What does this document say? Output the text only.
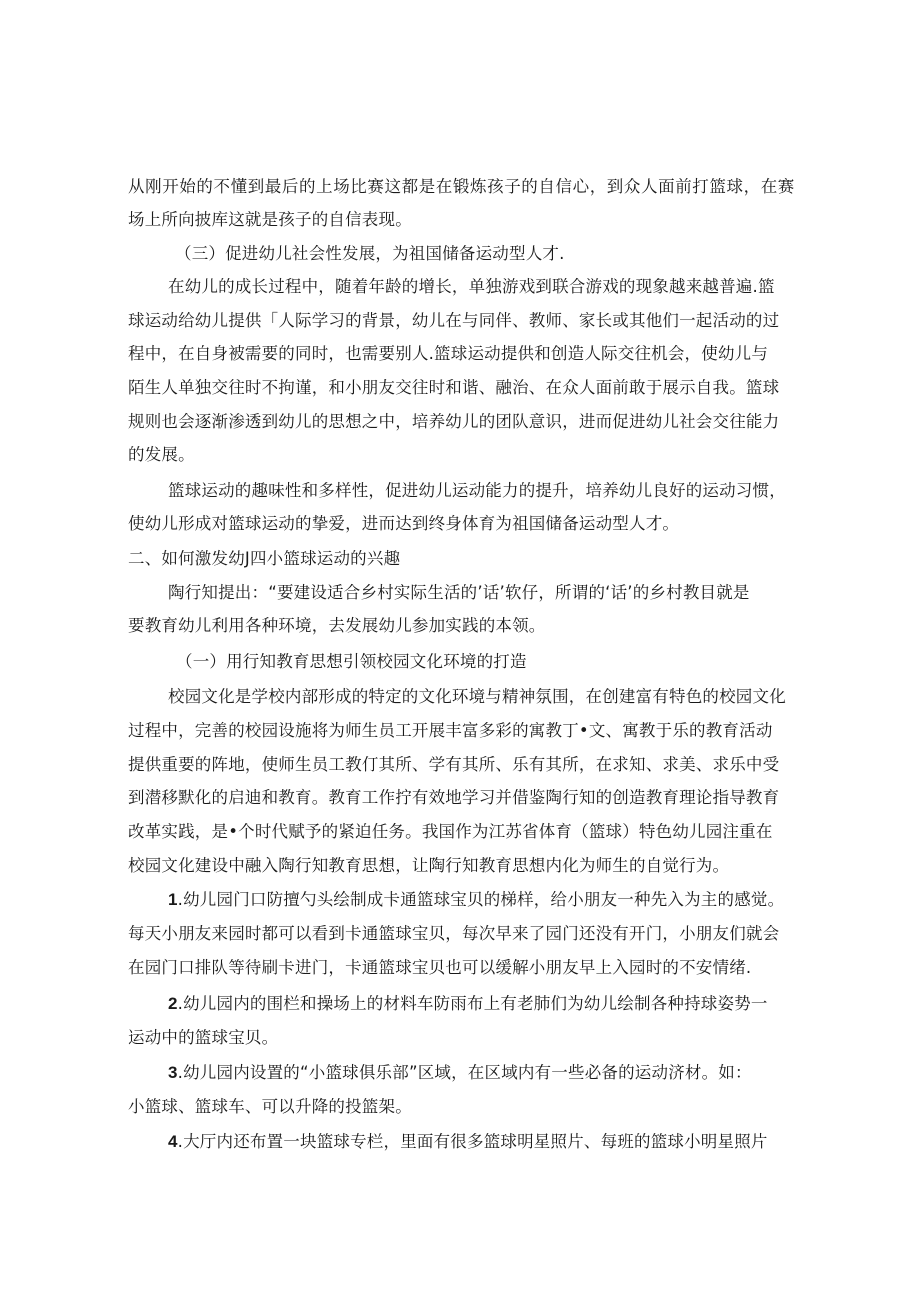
从刚开始的不懂到最后的上场比赛这都是在锻炼孩子的自信心，到众人面前打篮球，在赛
场上所向披库这就是孩子的自信表现。
（三）促进幼儿社会性发展，为祖国储备运动型人才.
在幼儿的成长过程中，随着年龄的增长，单独游戏到联合游戏的现象越来越普遍.篮
球运动给幼儿提供「人际学习的背景，幼儿在与同伴、教师、家长或其他们一起活动的过
程中，在自身被需要的同时，也需要别人.篮球运动提供和创造人际交往机会，使幼儿与
陌生人单独交往时不拘谨，和小朋友交往时和谐、融治、在众人面前敢于展示自我。篮球
规则也会逐渐渗透到幼儿的思想之中，培养幼儿的团队意识，进而促进幼儿社会交往能力
的发展。
篮球运动的趣味性和多样性，促进幼儿运动能力的提升，培养幼儿良好的运动习惯，
使幼儿形成对篮球运动的挚爱，进而达到终身体育为祖国储备运动型人才。
二、如何激发幼J四小篮球运动的兴趣
陶行知提出：“要建设适合乡村实际生活的’话’软仔，所谓的‘话’的乡村教目就是
要教育幼儿利用各种环境，去发展幼儿参加实践的本领。
（一）用行知教育思想引领校园文化环境的打造
校园文化是学校内部形成的特定的文化环境与精神氛围，在创建富有特色的校园文化
过程中，完善的校园设施将为师生员工开展丰富多彩的寓教丁•文、寓教于乐的教育活动
提供重要的阵地，使师生员工教仃其所、学有其所、乐有其所，在求知、求美、求乐中受
到潜移默化的启迪和教育。教育工作拧有效地学习并借鉴陶行知的创造教育理论指导教育
改革实践，是•个时代赋予的紧迫任务。我国作为江苏省体育（篮球）特色幼儿园注重在
校园文化建设中融入陶行知教育思想，让陶行知教育思想内化为师生的自觉行为。
1.幼儿园门口防擅勺头绘制成卡通篮球宝贝的梯样，给小朋友一种先入为主的感觉。
每天小朋友来园时都可以看到卡通篮球宝贝，每次早来了园门还没有开门，小朋友们就会
在园门口排队等待刷卡进门，卡通篮球宝贝也可以缓解小朋友早上入园时的不安情绪.
2.幼儿园内的围栏和操场上的材料车防雨布上有老肺们为幼儿绘制各种持球姿势一
运动中的篮球宝贝。
3.幼儿园内设置的“小篮球俱乐部”区域，在区域内有一些必备的运动济材。如：
小篮球、篮球车、可以升降的投篮架。
4.大厅内还布置一块篮球专栏，里面有很多篮球明星照片、每班的篮球小明星照片
